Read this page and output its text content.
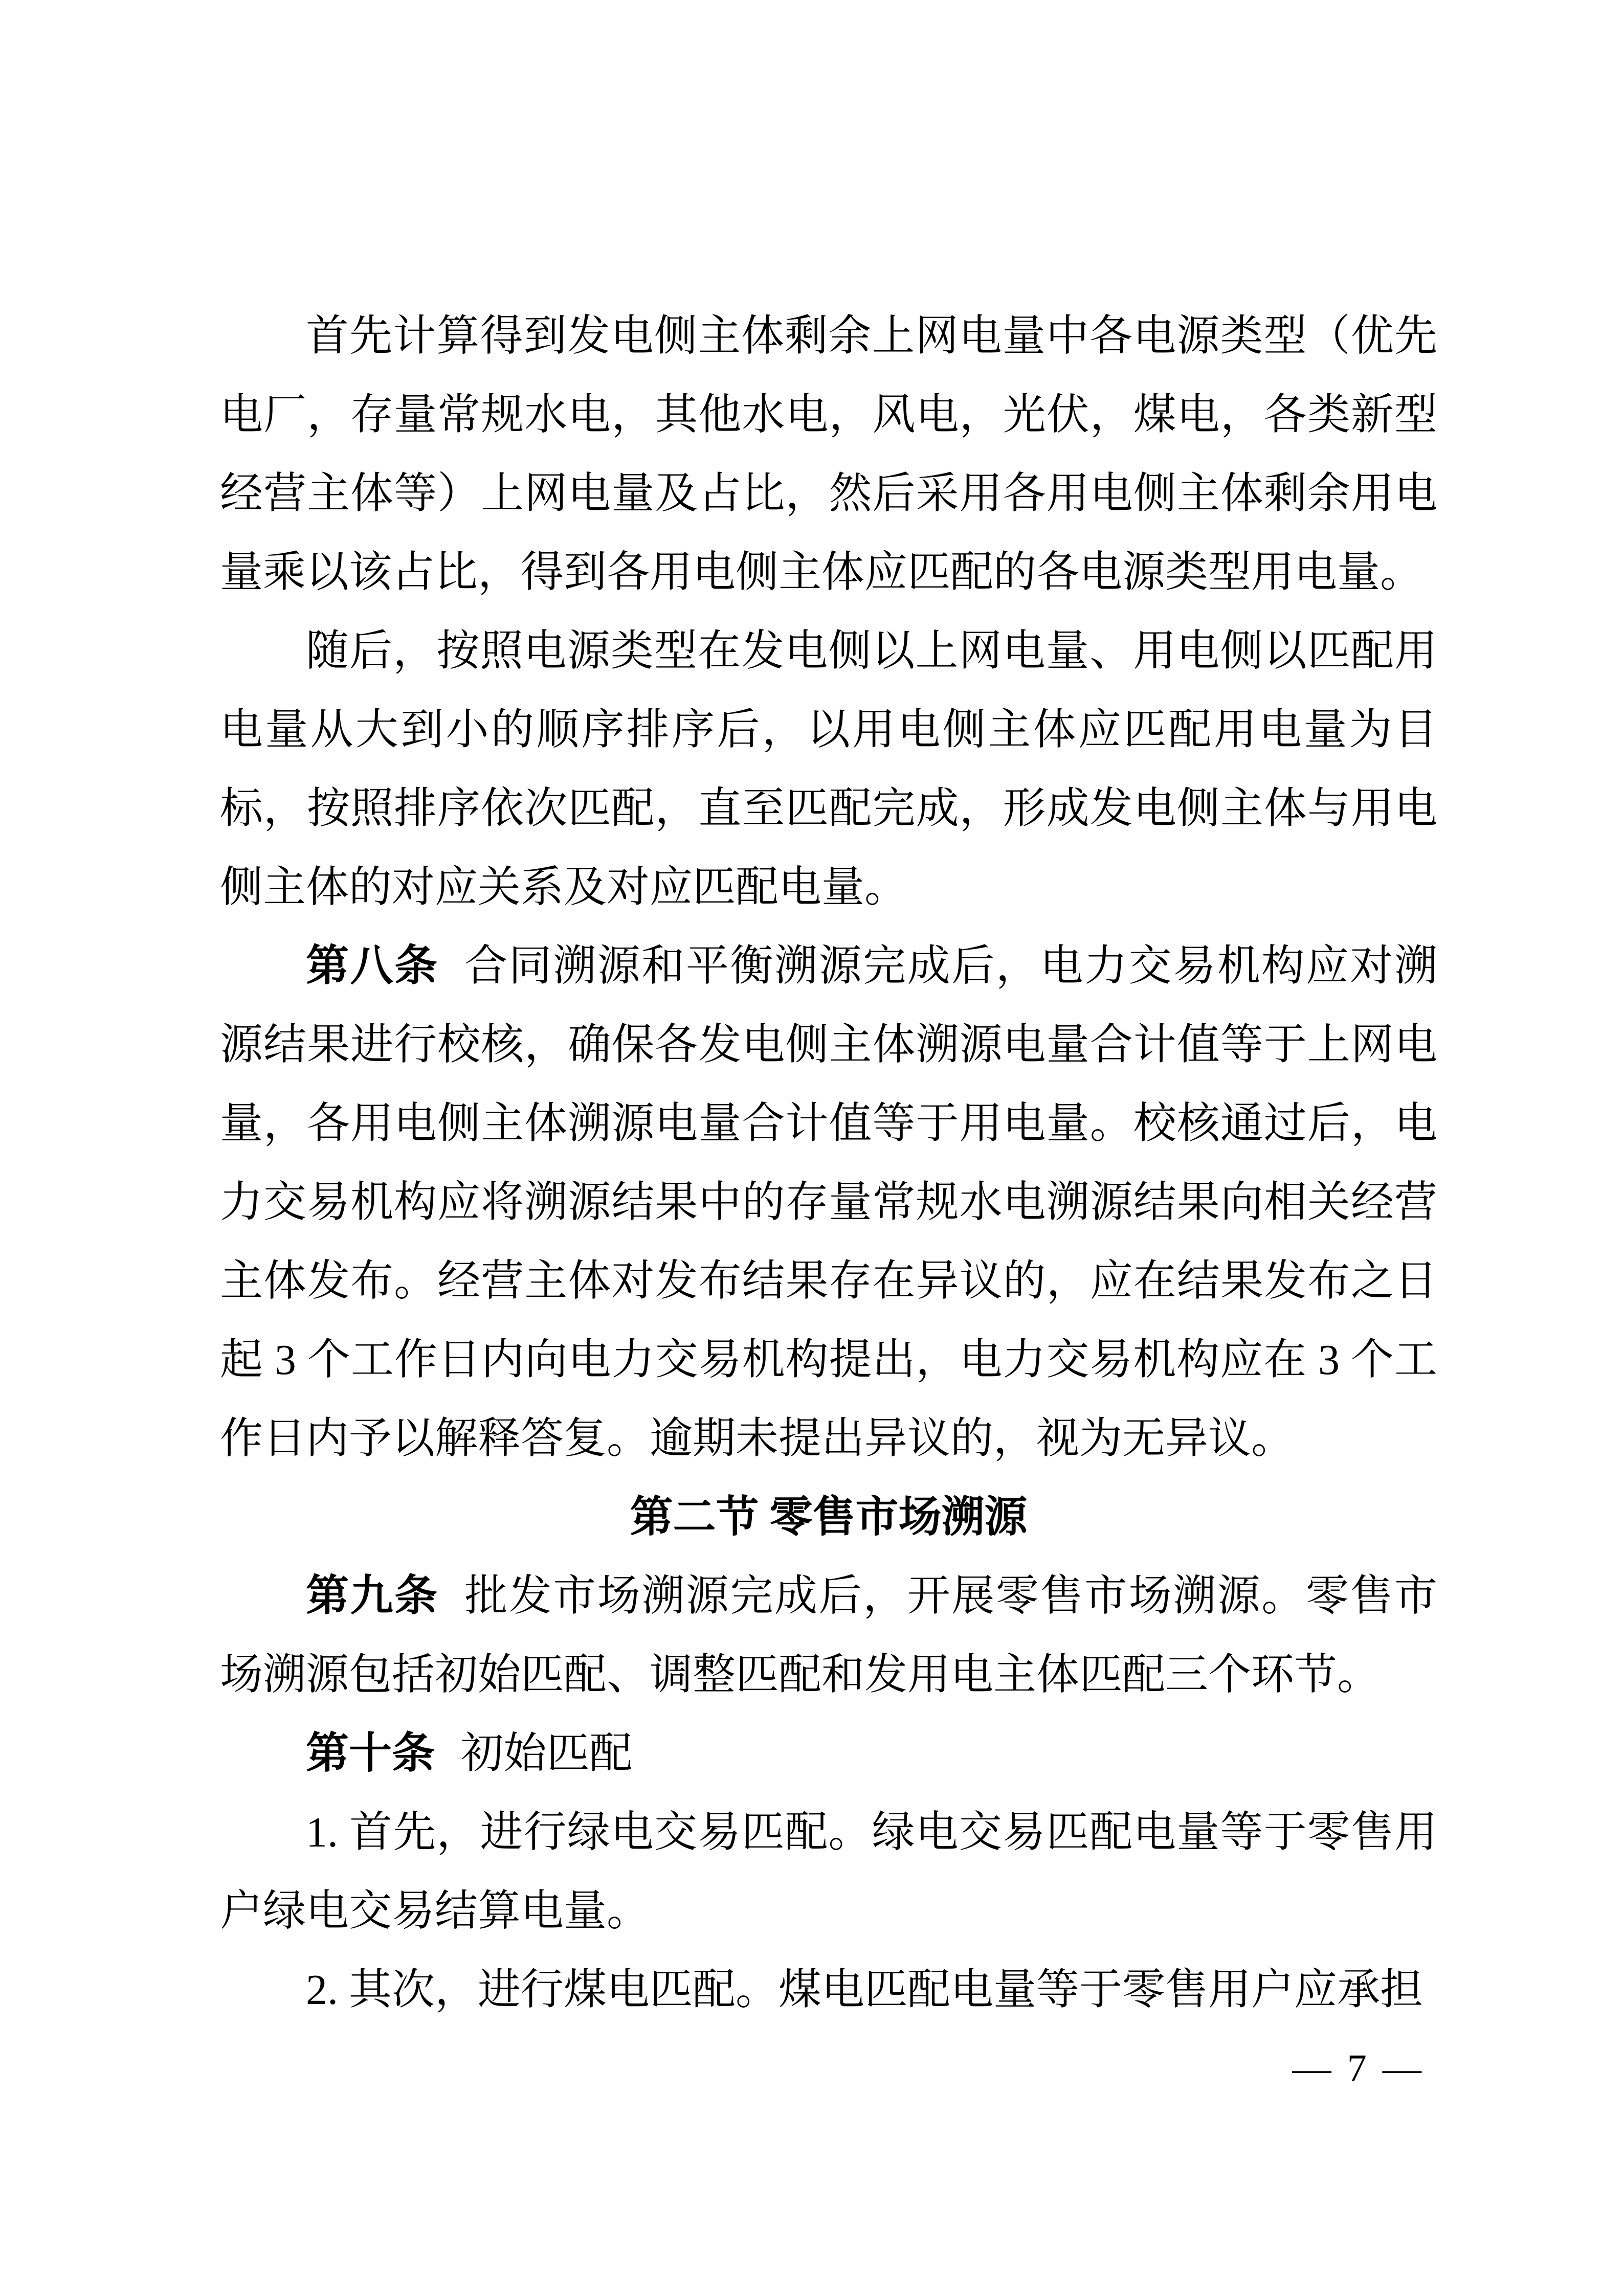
首先计算得到发电侧主体剩余上网电量中各电源类型（优先电厂，存量常规水电，其他水电，风电，光伏，煤电，各类新型经营主体等）上网电量及占比，然后采用各用电侧主体剩余用电量乘以该占比，得到各用电侧主体应匹配的各电源类型用电量。

随后，按照电源类型在发电侧以上网电量、用电侧以匹配用电量从大到小的顺序排序后，以用电侧主体应匹配用电量为目标，按照排序依次匹配，直至匹配完成，形成发电侧主体与用电侧主体的对应关系及对应匹配电量。

第八条 合同溯源和平衡溯源完成后，电力交易机构应对溯源结果进行校核，确保各发电侧主体溯源电量合计值等于上网电量，各用电侧主体溯源电量合计值等于用电量。校核通过后，电力交易机构应将溯源结果中的存量常规水电溯源结果向相关经营主体发布。经营主体对发布结果存在异议的，应在结果发布之日起 3 个工作日内向电力交易机构提出，电力交易机构应在 3 个工作日内予以解释答复。逾期未提出异议的，视为无异议。

第二节 零售市场溯源

第九条 批发市场溯源完成后，开展零售市场溯源。零售市场溯源包括初始匹配、调整匹配和发用电主体匹配三个环节。

第十条 初始匹配

1. 首先，进行绿电交易匹配。绿电交易匹配电量等于零售用户绿电交易结算电量。

2. 其次，进行煤电匹配。煤电匹配电量等于零售用户应承担

— 7 —
